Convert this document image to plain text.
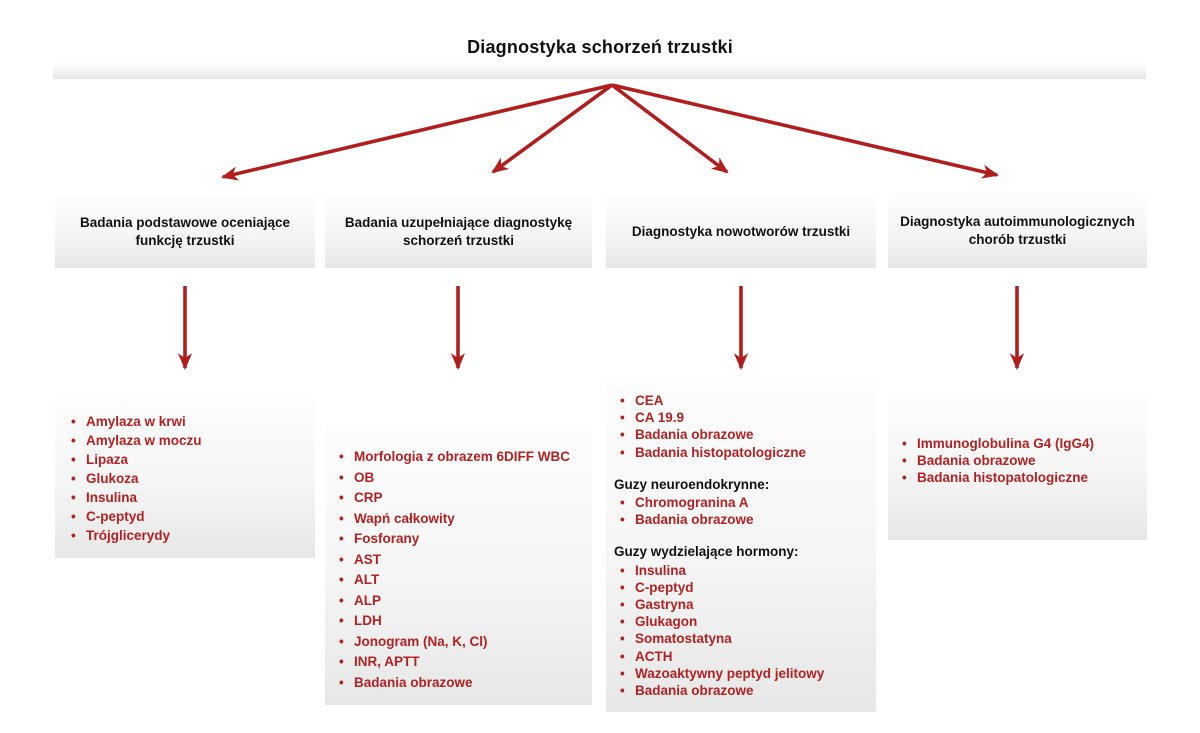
Diagnostyka schorzeń trzustki
Badania podstawowe oceniające funkcję trzustki
Badania uzupełniające diagnostykę schorzeń trzustki
Diagnostyka nowotworów trzustki
Diagnostyka autoimmunologicznych chorób trzustki
• Amylaza w krwi
• Amylaza w moczu
• Lipaza
• Glukoza
• Insulina
• C-peptyd
• Trójglicerydy
• Morfologia z obrazem 6DIFF WBC
• OB
• CRP
• Wapń całkowity
• Fosforany
• AST
• ALT
• ALP
• LDH
• Jonogram (Na, K, Cl)
• INR, APTT
• Badania obrazowe
• CEA
• CA 19.9
• Badania obrazowe
• Badania histopatologiczne
Guzy neuroendokrynne:
• Chromogranina A
• Badania obrazowe
Guzy wydzielające hormony:
• Insulina
• C-peptyd
• Gastryna
• Glukagon
• Somatostatyna
• ACTH
• Wazoaktywny peptyd jelitowy
• Badania obrazowe
• Immunoglobulina G4 (IgG4)
• Badania obrazowe
• Badania histopatologiczne
